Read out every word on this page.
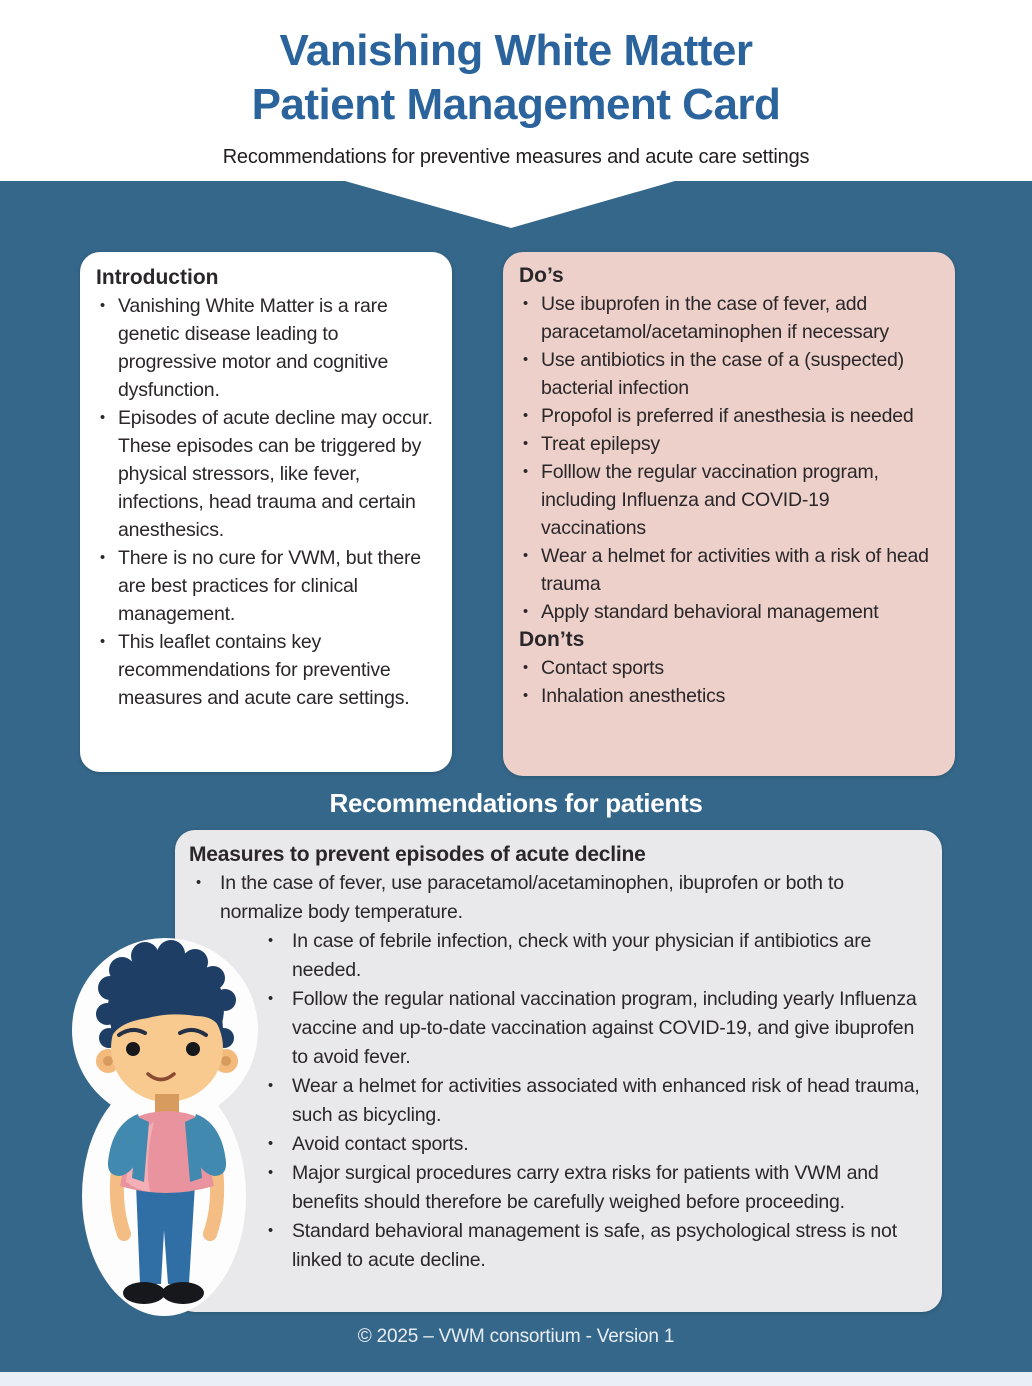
Vanishing White Matter
Patient Management Card
Recommendations for preventive measures and acute care settings
Introduction
• Vanishing White Matter is a rare genetic disease leading to progressive motor and cognitive dysfunction.
• Episodes of acute decline may occur. These episodes can be triggered by physical stressors, like fever, infections, head trauma and certain anesthesics.
• There is no cure for VWM, but there are best practices for clinical management.
• This leaflet contains key recommendations for preventive measures and acute care settings.
Do’s
• Use ibuprofen in the case of fever, add paracetamol/acetaminophen if necessary
• Use antibiotics in the case of a (suspected) bacterial infection
• Propofol is preferred if anesthesia is needed
• Treat epilepsy
• Folllow the regular vaccination program, including Influenza and COVID-19 vaccinations
• Wear a helmet for activities with a risk of head trauma
• Apply standard behavioral management
Don’ts
• Contact sports
• Inhalation anesthetics
Recommendations for patients
Measures to prevent episodes of acute decline
• In the case of fever, use paracetamol/acetaminophen, ibuprofen or both to normalize body temperature.
• In case of febrile infection, check with your physician if antibiotics are needed.
• Follow the regular national vaccination program, including yearly Influenza vaccine and up-to-date vaccination against COVID-19, and give ibuprofen to avoid fever.
• Wear a helmet for activities associated with enhanced risk of head trauma, such as bicycling.
• Avoid contact sports.
• Major surgical procedures carry extra risks for patients with VWM and benefits should therefore be carefully weighed before proceeding.
• Standard behavioral management is safe, as psychological stress is not linked to acute decline.
© 2025 – VWM consortium - Version 1
